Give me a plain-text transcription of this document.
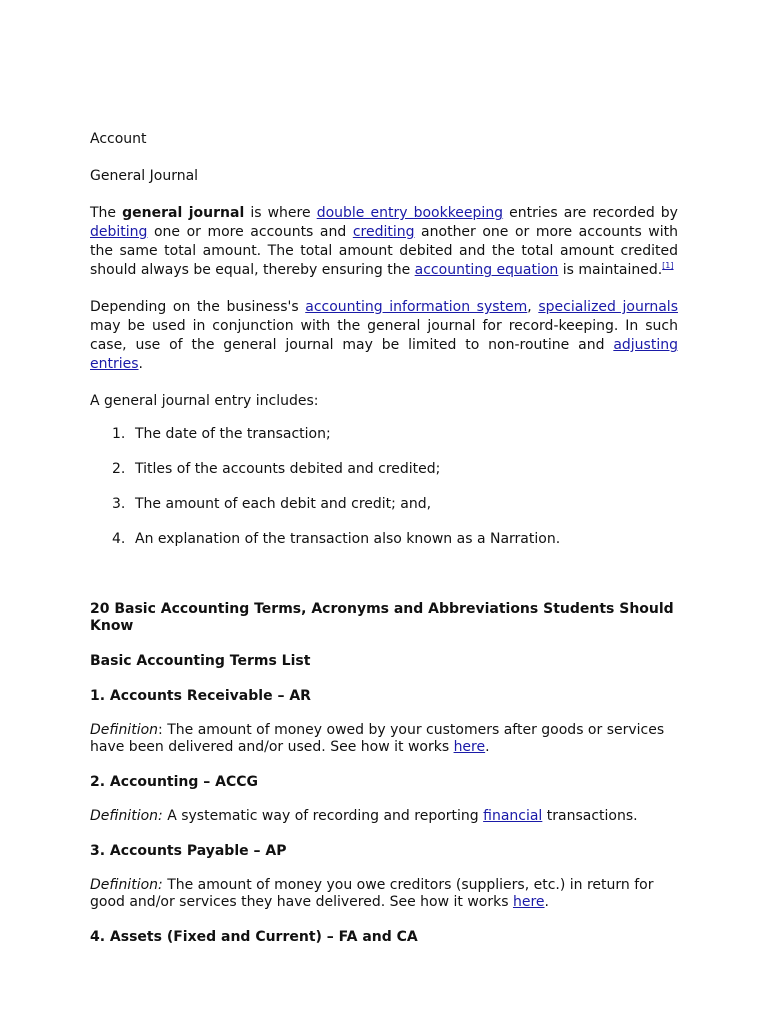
Account

General Journal

The general journal is where double entry bookkeeping entries are recorded by debiting one or more accounts and crediting another one or more accounts with the same total amount. The total amount debited and the total amount credited should always be equal, thereby ensuring the accounting equation is maintained.[1]

Depending on the business's accounting information system, specialized journals may be used in conjunction with the general journal for record-keeping. In such case, use of the general journal may be limited to non-routine and adjusting entries.

A general journal entry includes:

1. The date of the transaction;
2. Titles of the accounts debited and credited;
3. The amount of each debit and credit; and,
4. An explanation of the transaction also known as a Narration.
20 Basic Accounting Terms, Acronyms and Abbreviations Students Should Know
Basic Accounting Terms List
1. Accounts Receivable – AR

Definition: The amount of money owed by your customers after goods or services have been delivered and/or used. See how it works here.

2. Accounting – ACCG

Definition: A systematic way of recording and reporting financial transactions.

3. Accounts Payable – AP

Definition: The amount of money you owe creditors (suppliers, etc.) in return for good and/or services they have delivered. See how it works here.

4. Assets (Fixed and Current) – FA and CA
